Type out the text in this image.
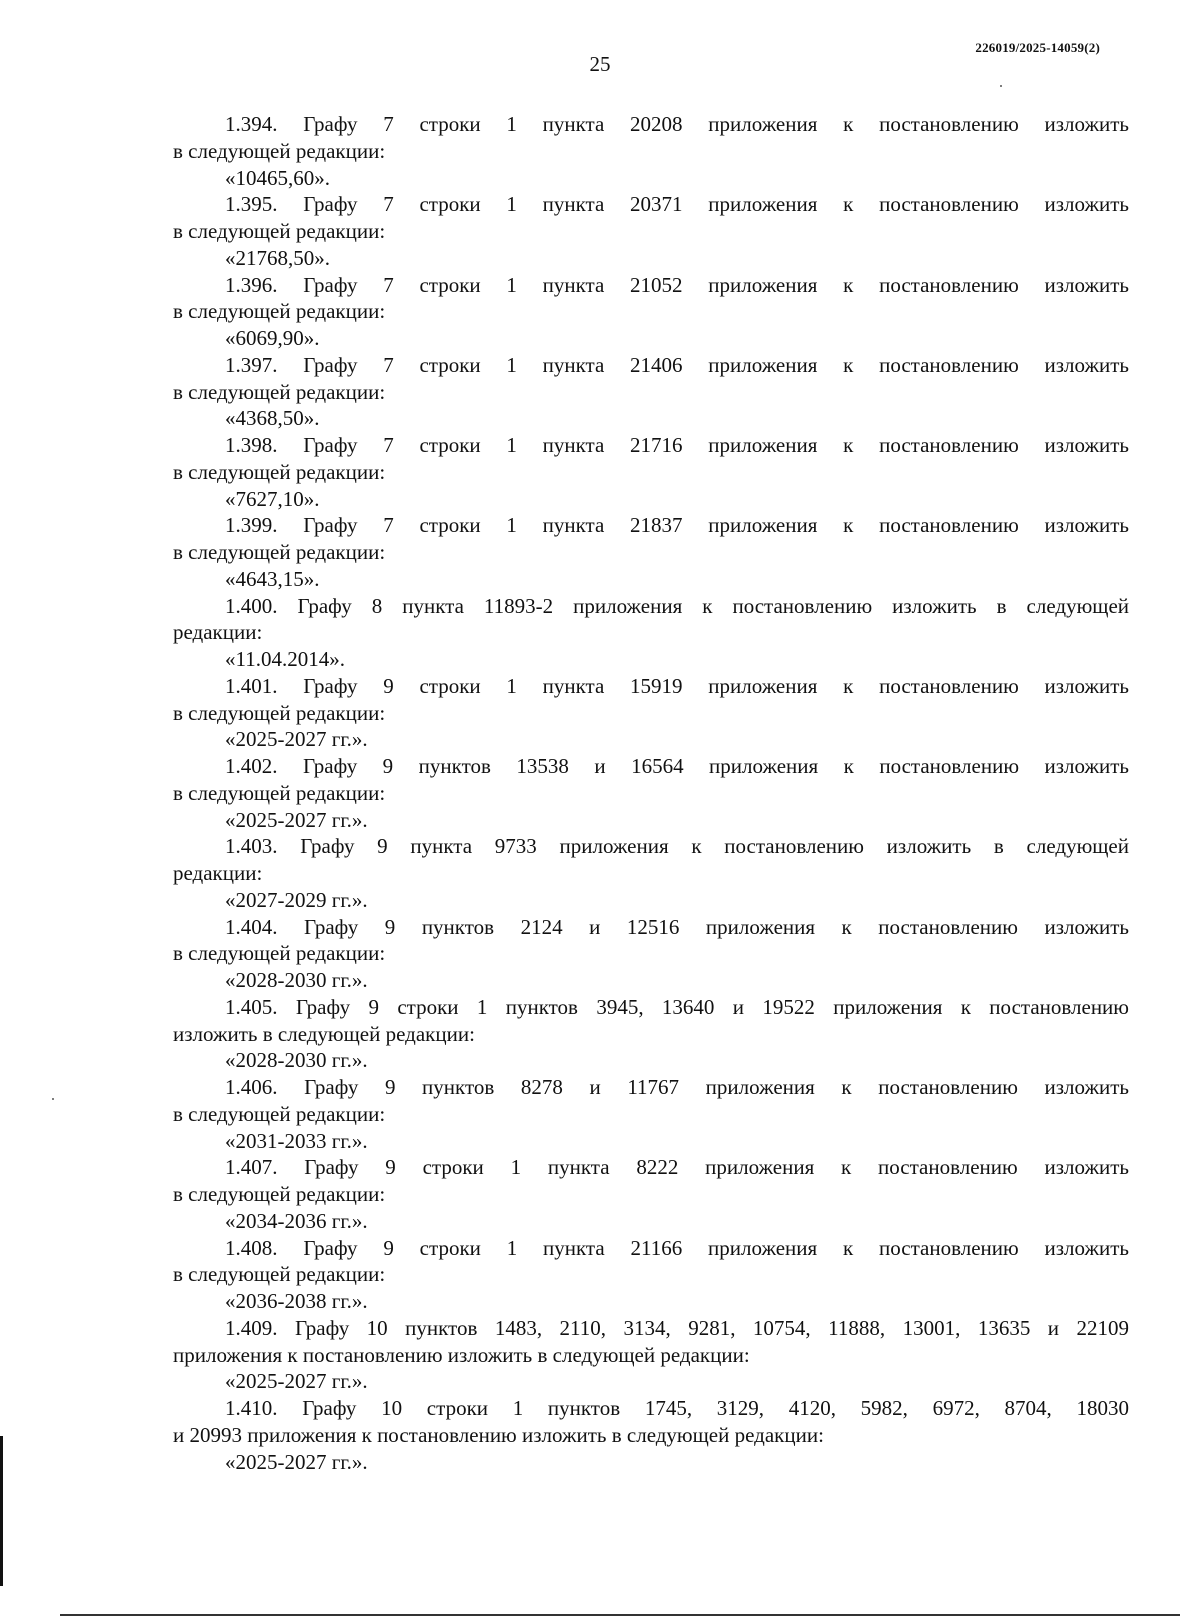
25
226019/2025-14059(2)
1.394. Графу 7 строки 1 пункта 20208 приложения к постановлению изложить
в следующей редакции:
«10465,60».
1.395. Графу 7 строки 1 пункта 20371 приложения к постановлению изложить
в следующей редакции:
«21768,50».
1.396. Графу 7 строки 1 пункта 21052 приложения к постановлению изложить
в следующей редакции:
«6069,90».
1.397. Графу 7 строки 1 пункта 21406 приложения к постановлению изложить
в следующей редакции:
«4368,50».
1.398. Графу 7 строки 1 пункта 21716 приложения к постановлению изложить
в следующей редакции:
«7627,10».
1.399. Графу 7 строки 1 пункта 21837 приложения к постановлению изложить
в следующей редакции:
«4643,15».
1.400. Графу 8 пункта 11893-2 приложения к постановлению изложить в следующей
редакции:
«11.04.2014».
1.401. Графу 9 строки 1 пункта 15919 приложения к постановлению изложить
в следующей редакции:
«2025-2027 гг.».
1.402. Графу 9 пунктов 13538 и 16564 приложения к постановлению изложить
в следующей редакции:
«2025-2027 гг.».
1.403. Графу 9 пункта 9733 приложения к постановлению изложить в следующей
редакции:
«2027-2029 гг.».
1.404. Графу 9 пунктов 2124 и 12516 приложения к постановлению изложить
в следующей редакции:
«2028-2030 гг.».
1.405. Графу 9 строки 1 пунктов 3945, 13640 и 19522 приложения к постановлению
изложить в следующей редакции:
«2028-2030 гг.».
1.406. Графу 9 пунктов 8278 и 11767 приложения к постановлению изложить
в следующей редакции:
«2031-2033 гг.».
1.407. Графу 9 строки 1 пункта 8222 приложения к постановлению изложить
в следующей редакции:
«2034-2036 гг.».
1.408. Графу 9 строки 1 пункта 21166 приложения к постановлению изложить
в следующей редакции:
«2036-2038 гг.».
1.409. Графу 10 пунктов 1483, 2110, 3134, 9281, 10754, 11888, 13001, 13635 и 22109
приложения к постановлению изложить в следующей редакции:
«2025-2027 гг.».
1.410. Графу 10 строки 1 пунктов 1745, 3129, 4120, 5982, 6972, 8704, 18030
и 20993 приложения к постановлению изложить в следующей редакции:
«2025-2027 гг.».
